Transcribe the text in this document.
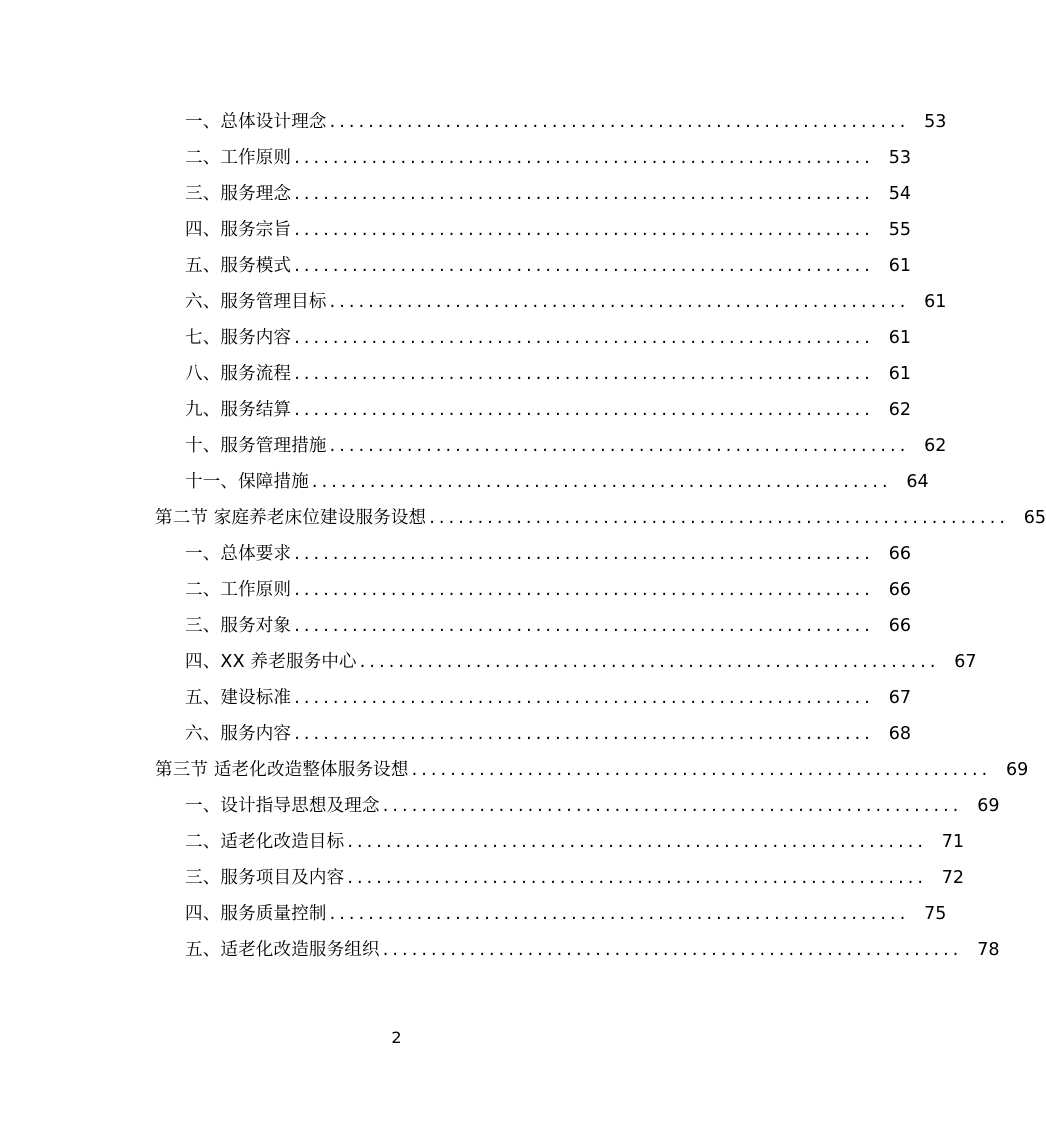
一、总体设计理念 ............................................................ 53
二、工作原则 ............................................................ 53
三、服务理念 ............................................................ 54
四、服务宗旨 ............................................................ 55
五、服务模式 ............................................................ 61
六、服务管理目标 ............................................................ 61
七、服务内容 ............................................................ 61
八、服务流程 ............................................................ 61
九、服务结算 ............................................................ 62
十、服务管理措施 ............................................................ 62
十一、保障措施 ............................................................ 64
第二节 家庭养老床位建设服务设想 ............................................................ 65
一、总体要求 ............................................................ 66
二、工作原则 ............................................................ 66
三、服务对象 ............................................................ 66
四、XX 养老服务中心 ............................................................ 67
五、建设标准 ............................................................ 67
六、服务内容 ............................................................ 68
第三节 适老化改造整体服务设想 ............................................................ 69
一、设计指导思想及理念 ............................................................ 69
二、适老化改造目标 ............................................................ 71
三、服务项目及内容 ............................................................ 72
四、服务质量控制 ............................................................ 75
五、适老化改造服务组织 ............................................................ 78
2
